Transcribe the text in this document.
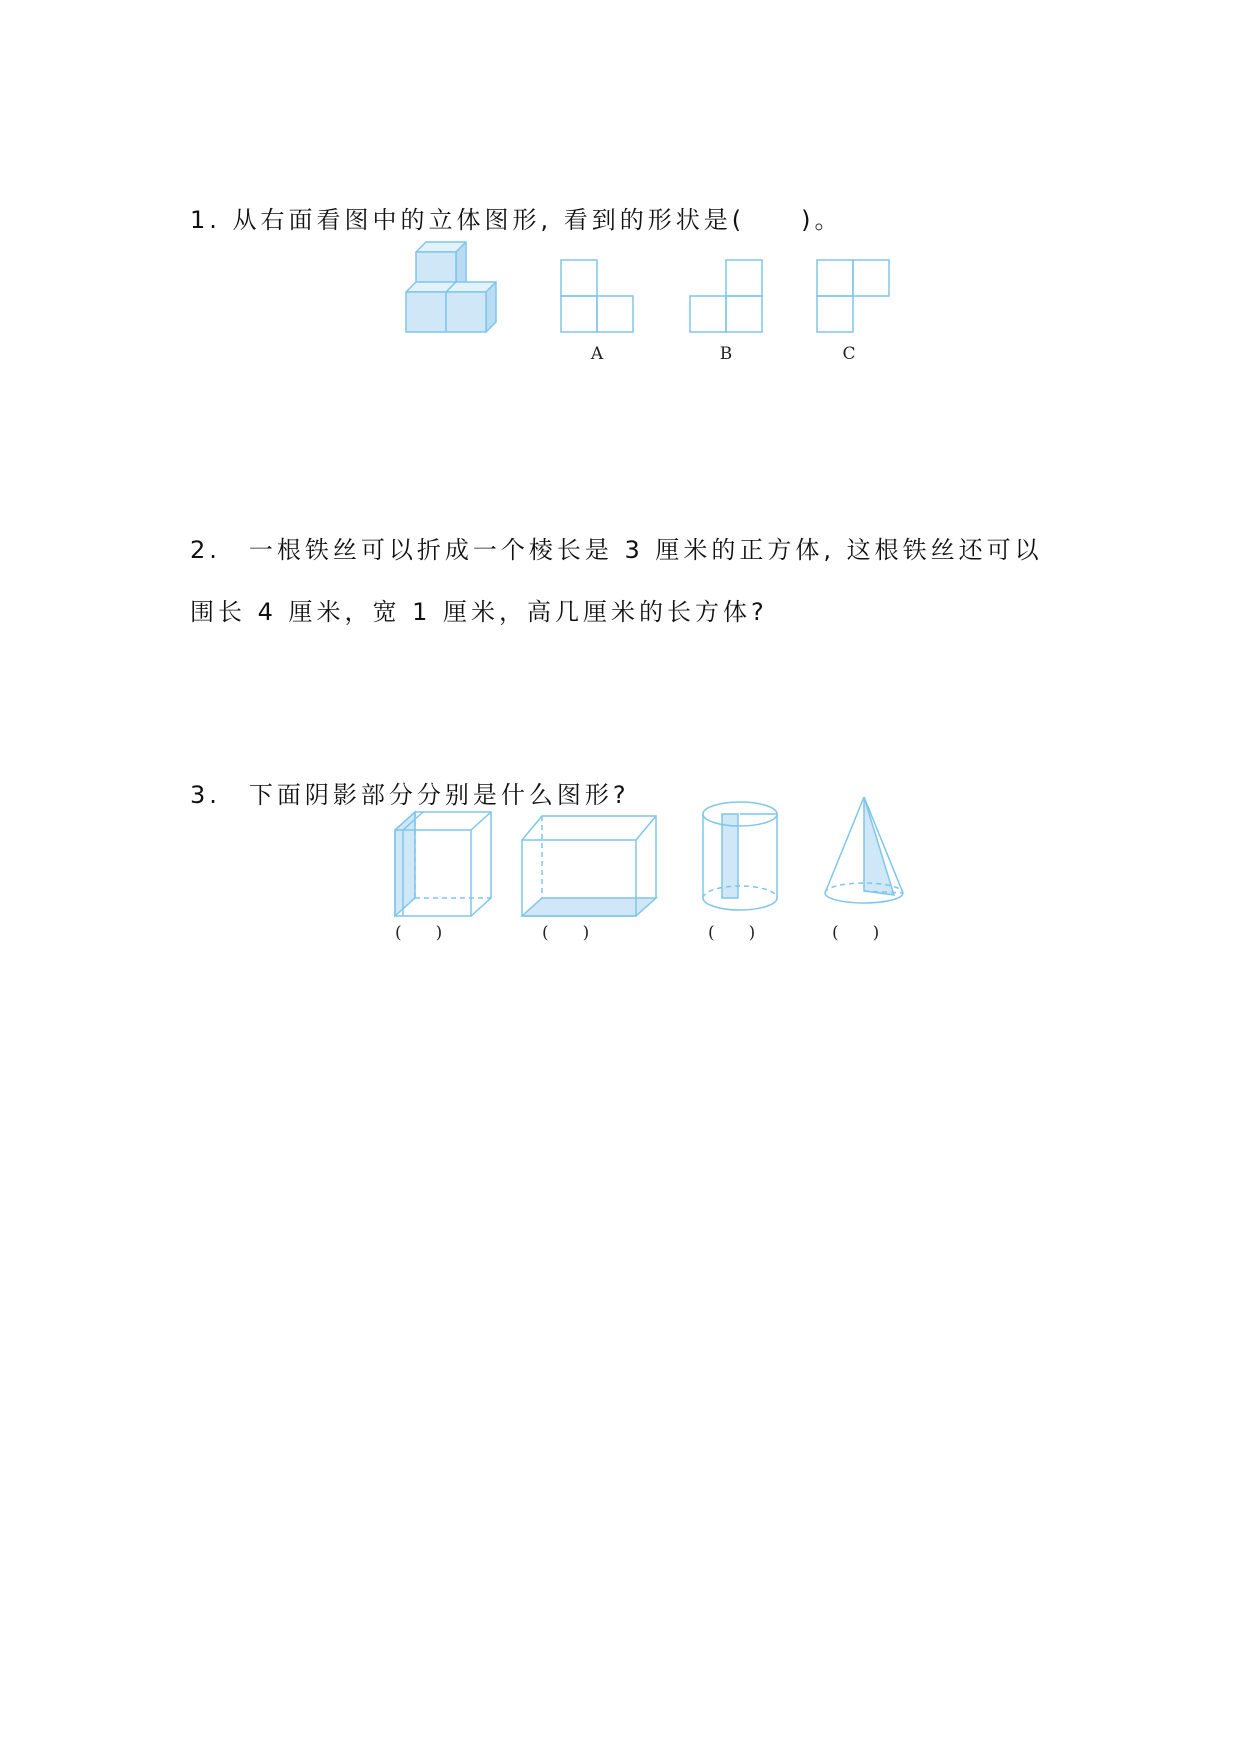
1. 从右面看图中的立体图形, 看到的形状是(　　)。
A	B	C
2.　一根铁丝可以折成一个棱长是 3 厘米的正方体, 这根铁丝还可以
围长 4 厘米，宽 1 厘米，高几厘米的长方体?
3.　下面阴影部分分别是什么图形?
(　　)	(　　)	(　　)	(　　)
